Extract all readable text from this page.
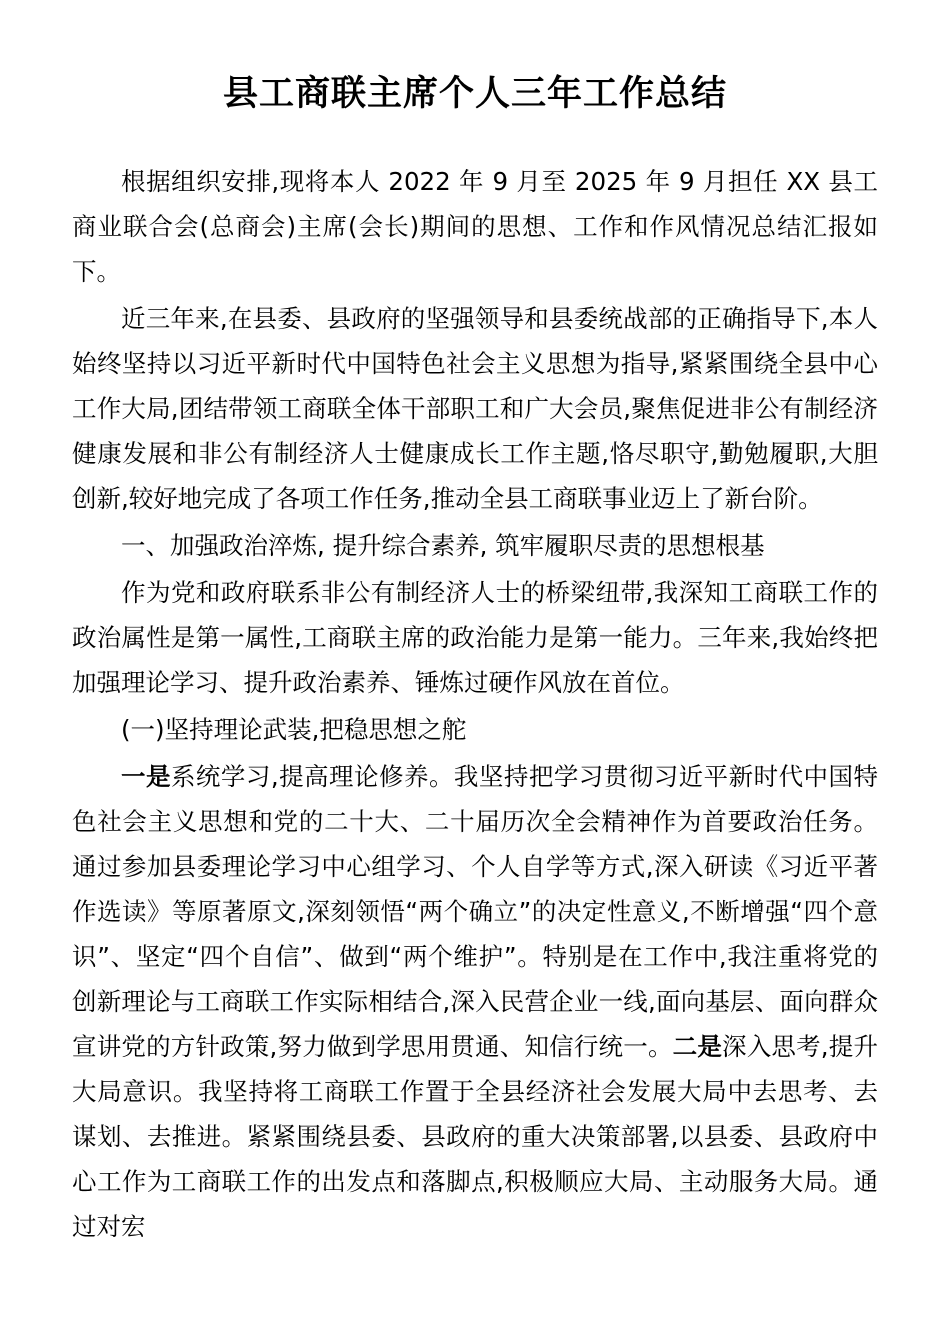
县工商联主席个人三年工作总结

根据组织安排,现将本人 2022 年 9 月至 2025 年 9 月担任 XX 县工商业联合会(总商会)主席(会长)期间的思想、工作和作风情况总结汇报如下。

近三年来,在县委、县政府的坚强领导和县委统战部的正确指导下,本人始终坚持以习近平新时代中国特色社会主义思想为指导,紧紧围绕全县中心工作大局,团结带领工商联全体干部职工和广大会员,聚焦促进非公有制经济健康发展和非公有制经济人士健康成长工作主题,恪尽职守,勤勉履职,大胆创新,较好地完成了各项工作任务,推动全县工商联事业迈上了新台阶。

一、加强政治淬炼, 提升综合素养, 筑牢履职尽责的思想根基

作为党和政府联系非公有制经济人士的桥梁纽带,我深知工商联工作的政治属性是第一属性,工商联主席的政治能力是第一能力。三年来,我始终把加强理论学习、提升政治素养、锤炼过硬作风放在首位。

(一)坚持理论武装,把稳思想之舵

一是系统学习,提高理论修养。我坚持把学习贯彻习近平新时代中国特色社会主义思想和党的二十大、二十届历次全会精神作为首要政治任务。通过参加县委理论学习中心组学习、个人自学等方式,深入研读《习近平著作选读》等原著原文,深刻领悟“两个确立”的决定性意义,不断增强“四个意识”、坚定“四个自信”、做到“两个维护”。特别是在工作中,我注重将党的创新理论与工商联工作实际相结合,深入民营企业一线,面向基层、面向群众宣讲党的方针政策,努力做到学思用贯通、知信行统一。二是深入思考,提升大局意识。我坚持将工商联工作置于全县经济社会发展大局中去思考、去谋划、去推进。紧紧围绕县委、县政府的重大决策部署,以县委、县政府中心工作为工商联工作的出发点和落脚点,积极顺应大局、主动服务大局。通过对宏
